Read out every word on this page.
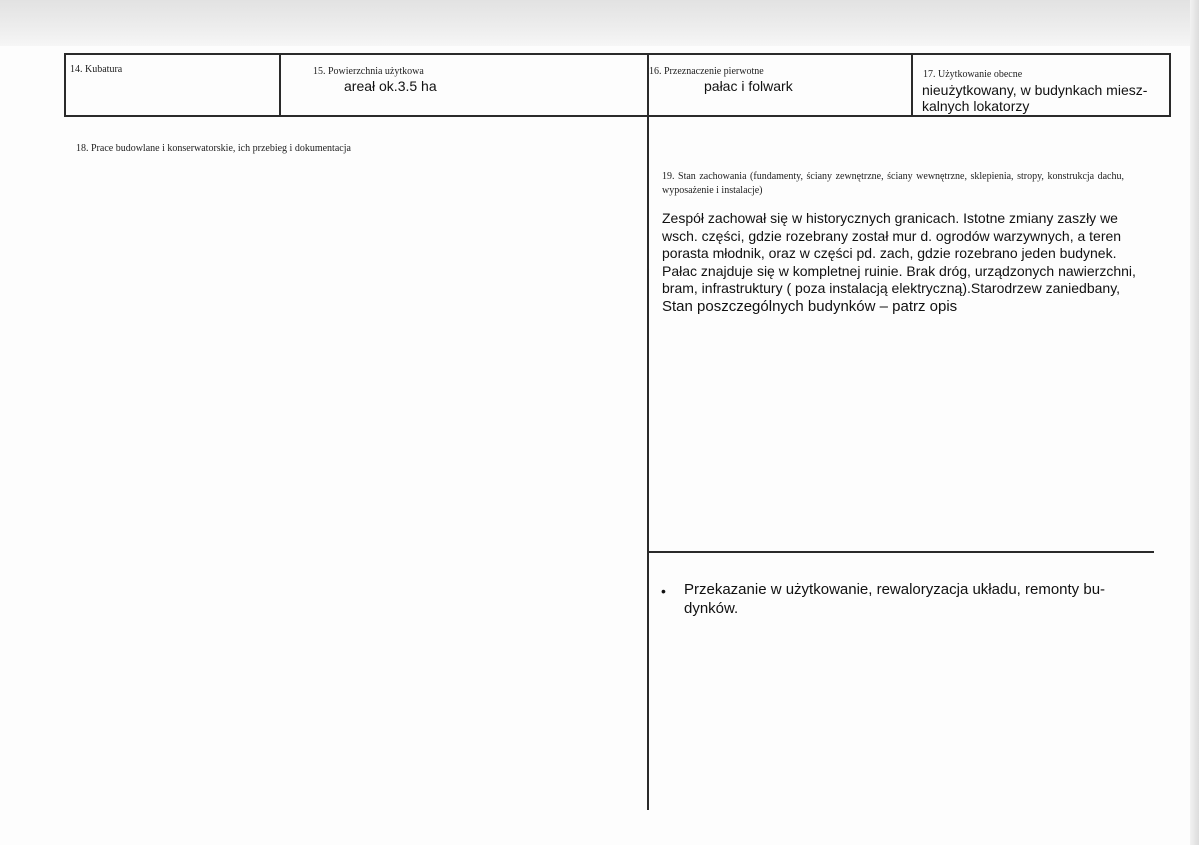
14. Kubatura	15. Powierzchnia użytkowa
areał ok.3.5 ha
16. Przeznaczenie pierwotne
pałac i folwark
17. Użytkowanie obecne
nieużytkowany, w budynkach miesz-
kalnych lokatorzy
18. Prace budowlane i konserwatorskie, ich przebieg i dokumentacja
19. Stan zachowania (fundamenty, ściany zewnętrzne, ściany wewnętrzne, sklepienia, stropy, konstrukcja dachu, wyposażenie i instalacje)
Zespół zachował się w historycznych granicach. Istotne zmiany zaszły we
wsch. części, gdzie rozebrany został mur d. ogrodów warzywnych, a teren
porasta młodnik, oraz w części pd. zach, gdzie rozebrano jeden budynek.
Pałac znajduje się w kompletnej ruinie. Brak dróg, urządzonych nawierzchni,
bram, infrastruktury ( poza instalacją elektryczną).Starodrzew zaniedbany,
Stan poszczególnych budynków – patrz opis
• Przekazanie w użytkowanie, rewaloryzacja układu, remonty bu-
dynków.
